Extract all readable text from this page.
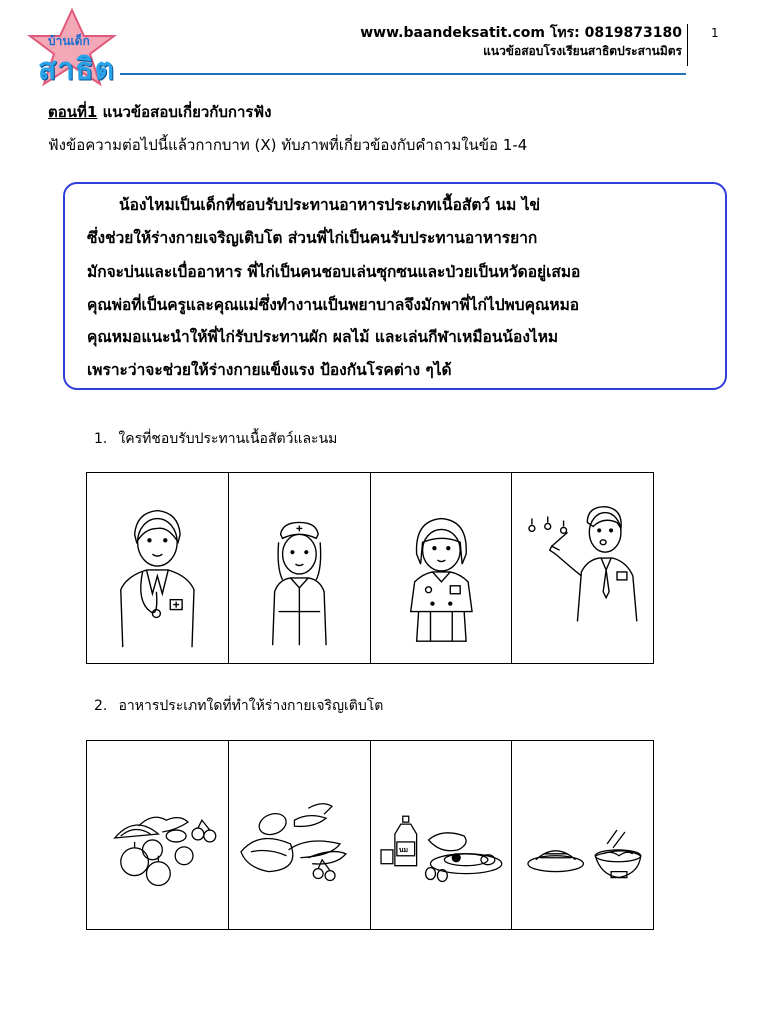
บ้านเด็ก
สาธิต
www.baandeksatit.com โทร: 0819873180
แนวข้อสอบโรงเรียนสาธิตประสานมิตร
1
ตอนที่1 แนวข้อสอบเกี่ยวกับการฟัง
ฟังข้อความต่อไปนี้แล้วกากบาท (X) ทับภาพที่เกี่ยวข้องกับคำถามในข้อ 1-4
น้องไหมเป็นเด็กที่ชอบรับประทานอาหารประเภทเนื้อสัตว์ นม ไข่
ซึ่งช่วยให้ร่างกายเจริญเติบโต ส่วนพี่ไก่เป็นคนรับประทานอาหารยาก
มักจะบ่นและเบื่ออาหาร พี่ไก่เป็นคนชอบเล่นซุกซนและป่วยเป็นหวัดอยู่เสมอ
คุณพ่อที่เป็นครูและคุณแม่ซึ่งทำงานเป็นพยาบาลจึงมักพาพี่ไก่ไปพบคุณหมอ
คุณหมอแนะนำให้พี่ไก่รับประทานผัก ผลไม้ และเล่นกีฬาเหมือนน้องไหม
เพราะว่าจะช่วยให้ร่างกายแข็งแรง ป้องกันโรคต่าง ๆได้
1. ใครที่ชอบรับประทานเนื้อสัตว์และนม
2. อาหารประเภทใดที่ทำให้ร่างกายเจริญเติบโต
นม
